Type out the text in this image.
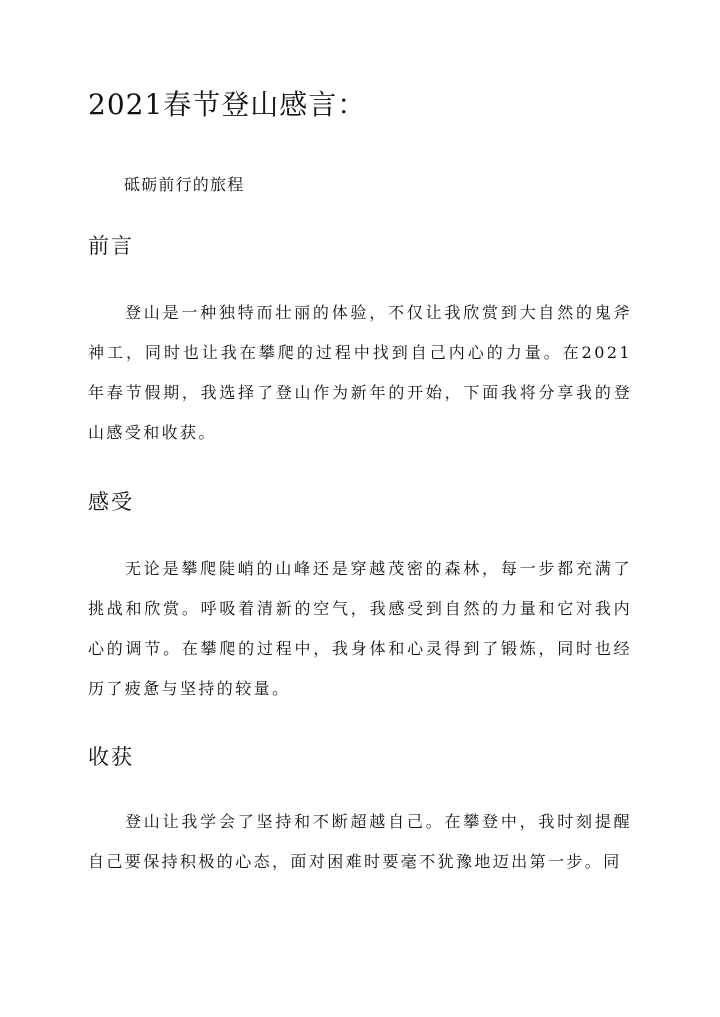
2021春节登山感言：

砥砺前行的旅程

前言

登山是一种独特而壮丽的体验，不仅让我欣赏到大自然的鬼斧神工，同时也让我在攀爬的过程中找到自己内心的力量。在2021年春节假期，我选择了登山作为新年的开始，下面我将分享我的登山感受和收获。

感受

无论是攀爬陡峭的山峰还是穿越茂密的森林，每一步都充满了挑战和欣赏。呼吸着清新的空气，我感受到自然的力量和它对我内心的调节。在攀爬的过程中，我身体和心灵得到了锻炼，同时也经历了疲惫与坚持的较量。

收获

登山让我学会了坚持和不断超越自己。在攀登中，我时刻提醒自己要保持积极的心态，面对困难时要毫不犹豫地迈出第一步。同
